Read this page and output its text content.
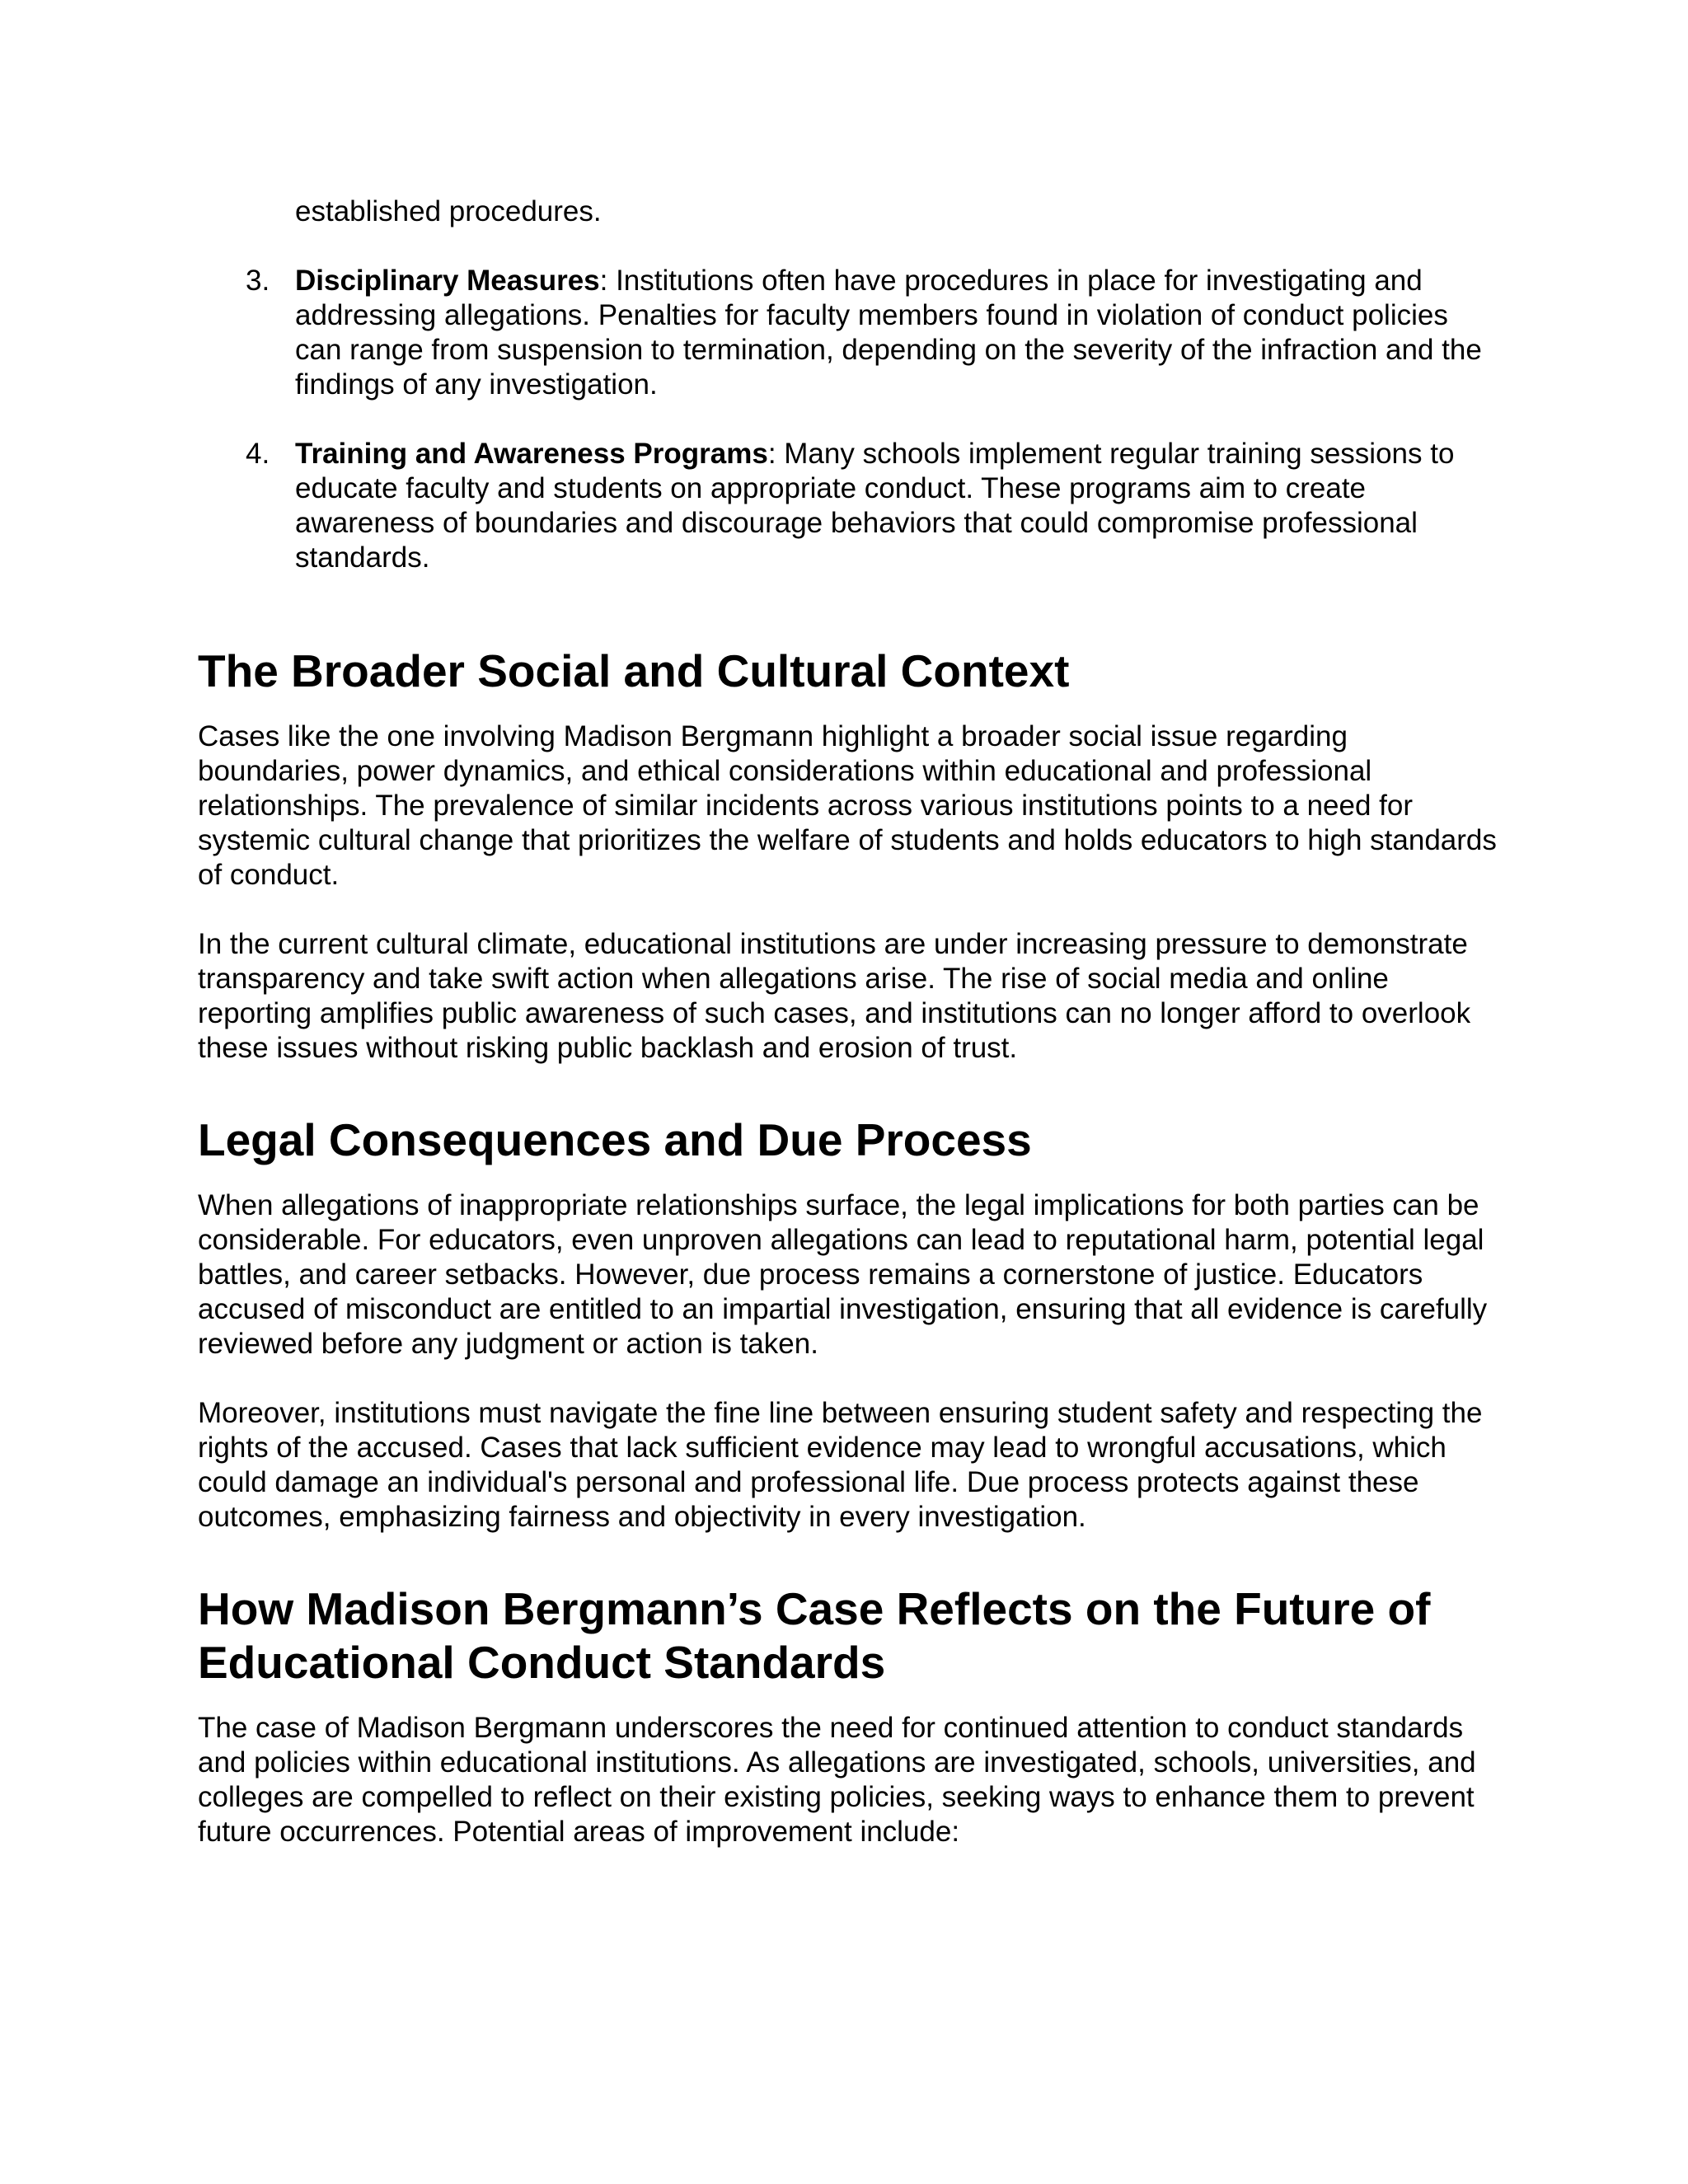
established procedures.

3. Disciplinary Measures: Institutions often have procedures in place for investigating and addressing allegations. Penalties for faculty members found in violation of conduct policies can range from suspension to termination, depending on the severity of the infraction and the findings of any investigation.

4. Training and Awareness Programs: Many schools implement regular training sessions to educate faculty and students on appropriate conduct. These programs aim to create awareness of boundaries and discourage behaviors that could compromise professional standards.

The Broader Social and Cultural Context

Cases like the one involving Madison Bergmann highlight a broader social issue regarding boundaries, power dynamics, and ethical considerations within educational and professional relationships. The prevalence of similar incidents across various institutions points to a need for systemic cultural change that prioritizes the welfare of students and holds educators to high standards of conduct.

In the current cultural climate, educational institutions are under increasing pressure to demonstrate transparency and take swift action when allegations arise. The rise of social media and online reporting amplifies public awareness of such cases, and institutions can no longer afford to overlook these issues without risking public backlash and erosion of trust.

Legal Consequences and Due Process

When allegations of inappropriate relationships surface, the legal implications for both parties can be considerable. For educators, even unproven allegations can lead to reputational harm, potential legal battles, and career setbacks. However, due process remains a cornerstone of justice. Educators accused of misconduct are entitled to an impartial investigation, ensuring that all evidence is carefully reviewed before any judgment or action is taken.

Moreover, institutions must navigate the fine line between ensuring student safety and respecting the rights of the accused. Cases that lack sufficient evidence may lead to wrongful accusations, which could damage an individual's personal and professional life. Due process protects against these outcomes, emphasizing fairness and objectivity in every investigation.

How Madison Bergmann’s Case Reflects on the Future of Educational Conduct Standards

The case of Madison Bergmann underscores the need for continued attention to conduct standards and policies within educational institutions. As allegations are investigated, schools, universities, and colleges are compelled to reflect on their existing policies, seeking ways to enhance them to prevent future occurrences. Potential areas of improvement include:
